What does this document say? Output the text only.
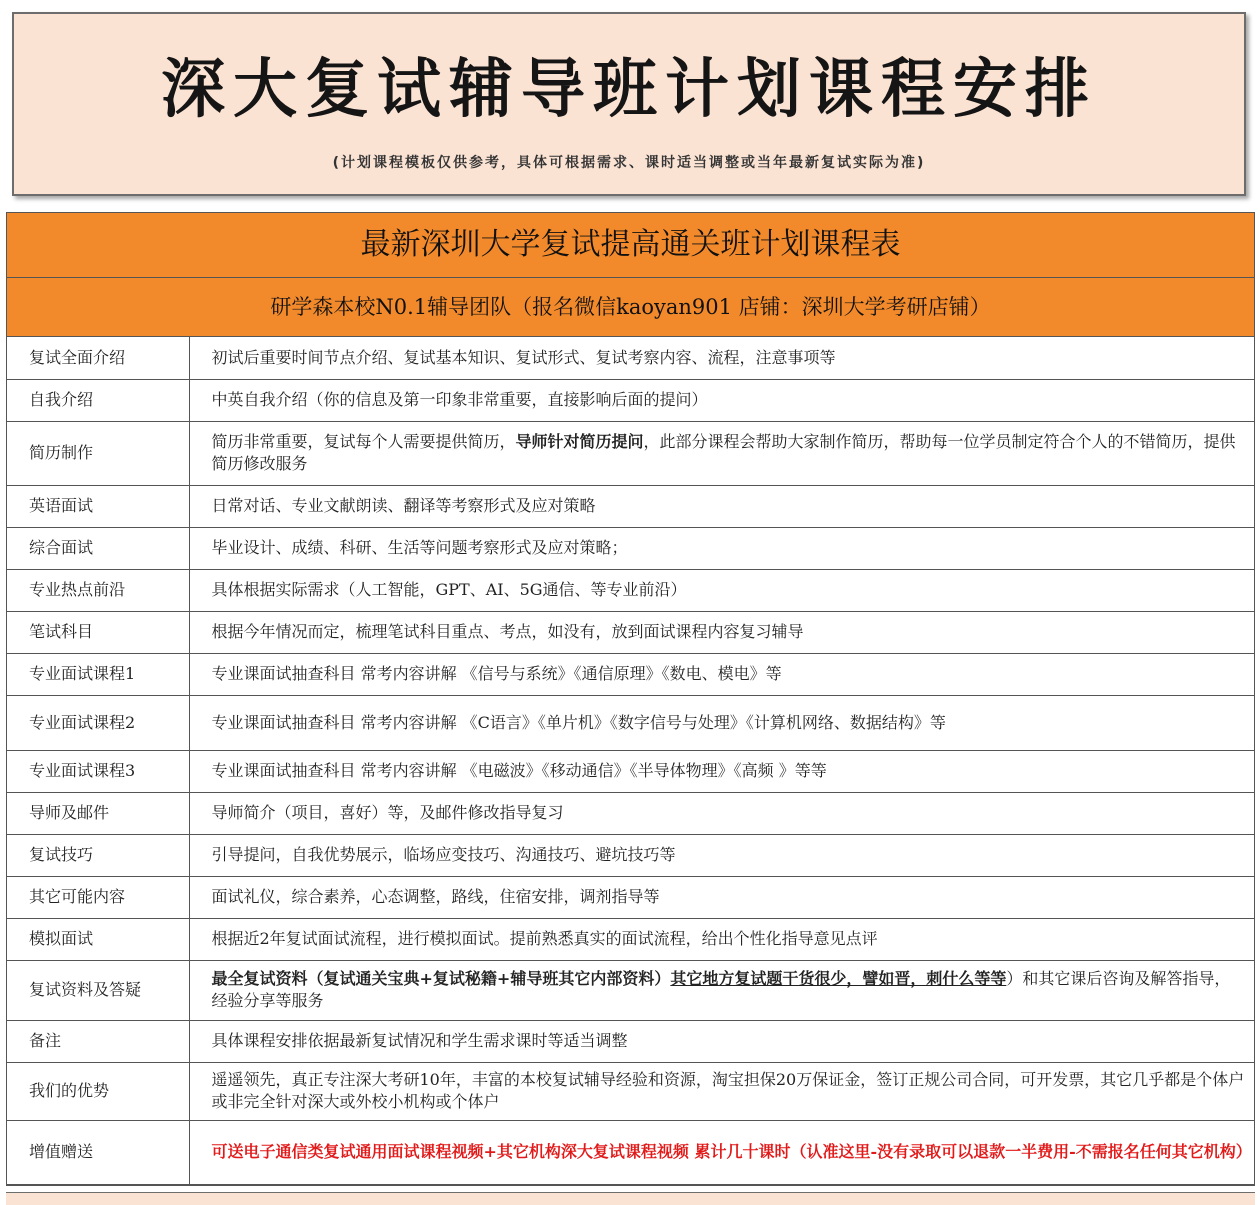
深大复试辅导班计划课程安排
(计划课程模板仅供参考，具体可根据需求、课时适当调整或当年最新复试实际为准)
最新深圳大学复试提高通关班计划课程表
研学森本校N0.1辅导团队（报名微信kaoyan901 店铺：深圳大学考研店铺）
复试全面介绍	初试后重要时间节点介绍、复试基本知识、复试形式、复试考察内容、流程，注意事项等
自我介绍	中英自我介绍（你的信息及第一印象非常重要，直接影响后面的提问）
简历制作	简历非常重要，复试每个人需要提供简历，导师针对简历提问，此部分课程会帮助大家制作简历，帮助每一位学员制定符合个人的不错简历，提供简历修改服务
英语面试	日常对话、专业文献朗读、翻译等考察形式及应对策略
综合面试	毕业设计、成绩、科研、生活等问题考察形式及应对策略；
专业热点前沿	具体根据实际需求（人工智能，GPT、AI、5G通信、等专业前沿）
笔试科目	根据今年情况而定，梳理笔试科目重点、考点，如没有，放到面试课程内容复习辅导
专业面试课程1	专业课面试抽查科目 常考内容讲解 《信号与系统》《通信原理》《数电、模电》等
专业面试课程2	专业课面试抽查科目 常考内容讲解 《C语言》《单片机》《数字信号与处理》《计算机网络、数据结构》等
专业面试课程3	专业课面试抽查科目 常考内容讲解 《电磁波》《移动通信》《半导体物理》《高频 》等等
导师及邮件	导师简介（项目，喜好）等，及邮件修改指导复习
复试技巧	引导提问，自我优势展示，临场应变技巧、沟通技巧、避坑技巧等
其它可能内容	面试礼仪，综合素养，心态调整，路线，住宿安排，调剂指导等
模拟面试	根据近2年复试面试流程，进行模拟面试。提前熟悉真实的面试流程，给出个性化指导意见点评
复试资料及答疑	最全复试资料（复试通关宝典+复试秘籍+辅导班其它内部资料）其它地方复试题干货很少，譬如晋，刺什么等等）和其它课后咨询及解答指导，经验分享等服务
备注	具体课程安排依据最新复试情况和学生需求课时等适当调整
我们的优势	遥遥领先，真正专注深大考研10年，丰富的本校复试辅导经验和资源，淘宝担保20万保证金，签订正规公司合同，可开发票，其它几乎都是个体户或非完全针对深大或外校小机构或个体户
增值赠送	可送电子通信类复试通用面试课程视频+其它机构深大复试课程视频 累计几十课时（认准这里-没有录取可以退款一半费用-不需报名任何其它机构）
